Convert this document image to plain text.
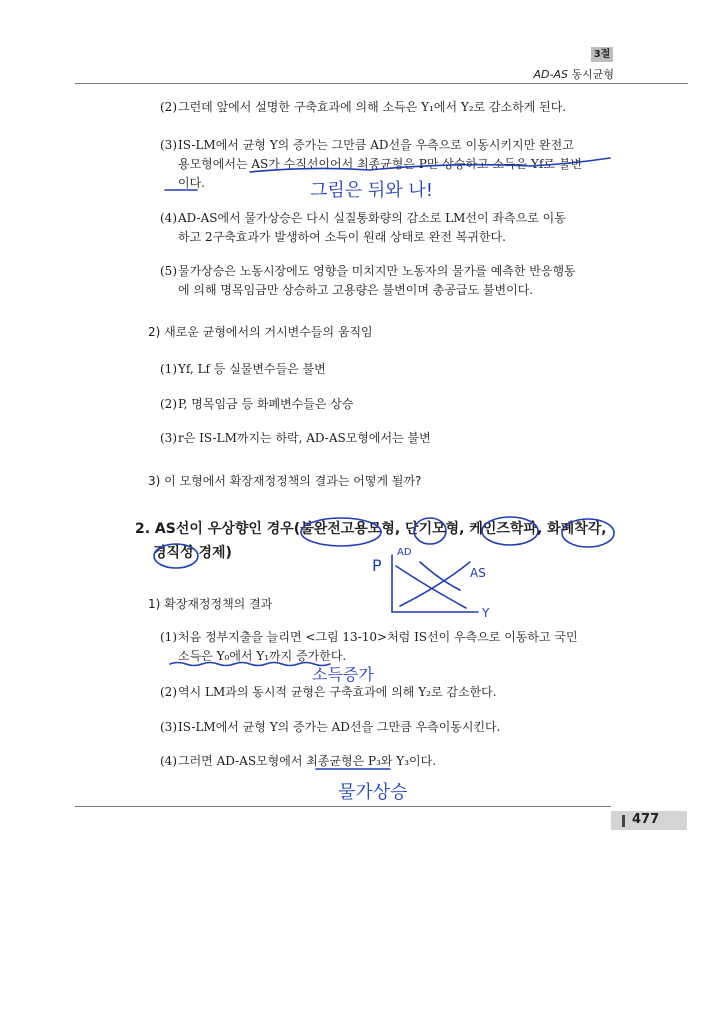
3절
AD-AS 동시균형
(2)그런데 앞에서 설명한 구축효과에 의해 소득은 Y₁에서 Y₂로 감소하게 된다.
(3)IS-LM에서 균형 Y의 증가는 그만큼 AD선을 우측으로 이동시키지만 완전고
용모형에서는 AS가 수직선이어서 최종균형은 P만 상승하고 소득은 Yf로 불변
이다.
(4)AD-AS에서 물가상승은 다시 실질통화량의 감소로 LM선이 좌측으로 이동
하고 2구축효과가 발생하여 소득이 원래 상태로 완전 복귀한다.
(5)물가상승은 노동시장에도 영향을 미치지만 노동자의 물가를 예측한 반응행동
에 의해 명목임금만 상승하고 고용량은 불변이며 총공급도 불변이다.
2) 새로운 균형에서의 거시변수들의 움직임
(1)Yf, Lf 등 실물변수들은 불변
(2)P, 명목임금 등 화폐변수들은 상승
(3)r은 IS-LM까지는 하락, AD-AS모형에서는 불변
3) 이 모형에서 확장재정정책의 결과는 어떻게 될까?
2. AS선이 우상향인 경우(불완전고용모형, 단기모형, 케인즈학파, 화폐착각,
경직성 경제)
1) 확장재정정책의 결과
(1)처음 정부지출을 늘리면 <그림 13-10>처럼 IS선이 우측으로 이동하고 국민
소득은 Y₀에서 Y₁까지 증가한다.
(2)역시 LM과의 동시적 균형은 구축효과에 의해 Y₂로 감소한다.
(3)IS-LM에서 균형 Y의 증가는 AD선을 그만큼 우측이동시킨다.
(4)그러면 AD-AS모형에서 최종균형은 P₃와 Y₃이다.
477
그림은 뒤와 나!
소득증가
물가상승
P
AD
AS
Y
